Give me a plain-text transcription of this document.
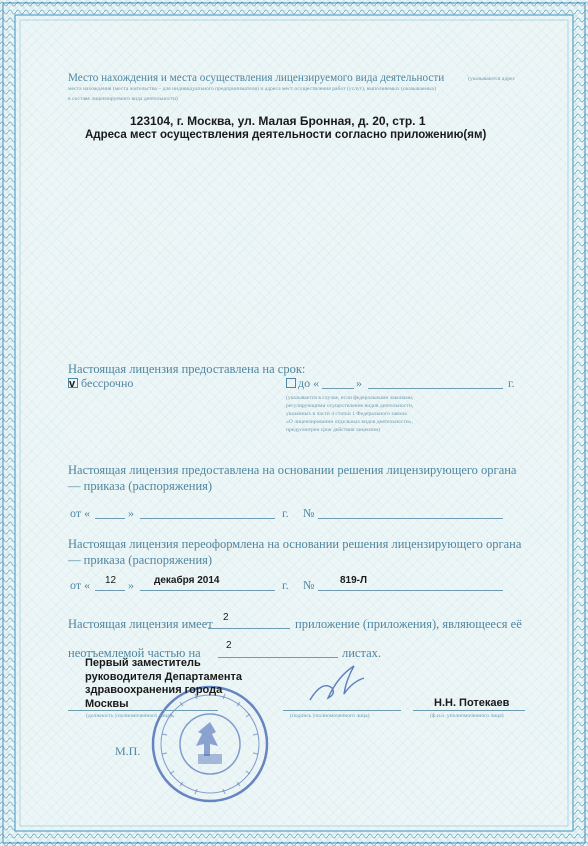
Место нахождения и места осуществления лицензируемого вида деятельности	(указываются адрес
места нахождения (места жительства – для индивидуального предпринимателя) и адреса мест осуществления работ (услуг), выполняемых (оказываемых)
в составе лицензируемого вида деятельности)
123104, г. Москва, ул. Малая Бронная, д. 20, стр. 1
Адреса мест осуществления деятельности согласно приложению(ям)
Настоящая лицензия предоставлена на срок:
v бессрочно	до «	»	г.
(указывается в случае, если федеральными законами,
регулирующими осуществление видов деятельности,
указанных в части 4 статьи 1 Федерального закона
«О лицензировании отдельных видов деятельности»,
предусмотрен срок действия лицензии)
Настоящая лицензия предоставлена на основании решения лицензирующего органа
— приказа (распоряжения)
от «	»	г. №
Настоящая лицензия переоформлена на основании решения лицензирующего органа
— приказа (распоряжения)
от « 12 » декабря 2014	г. №	819-Л
Настоящая лицензия имеет 2	приложение (приложения), являющееся её
неотъемлемой частью на
2
листах.
Первый заместитель
руководителя Департамента
здравоохранения города
Москвы	Н.Н. Потекаев
(должность уполномоченного лица)	(подпись уполномоченного лица)	(ф.и.о. уполномоченного лица)
М.П.
